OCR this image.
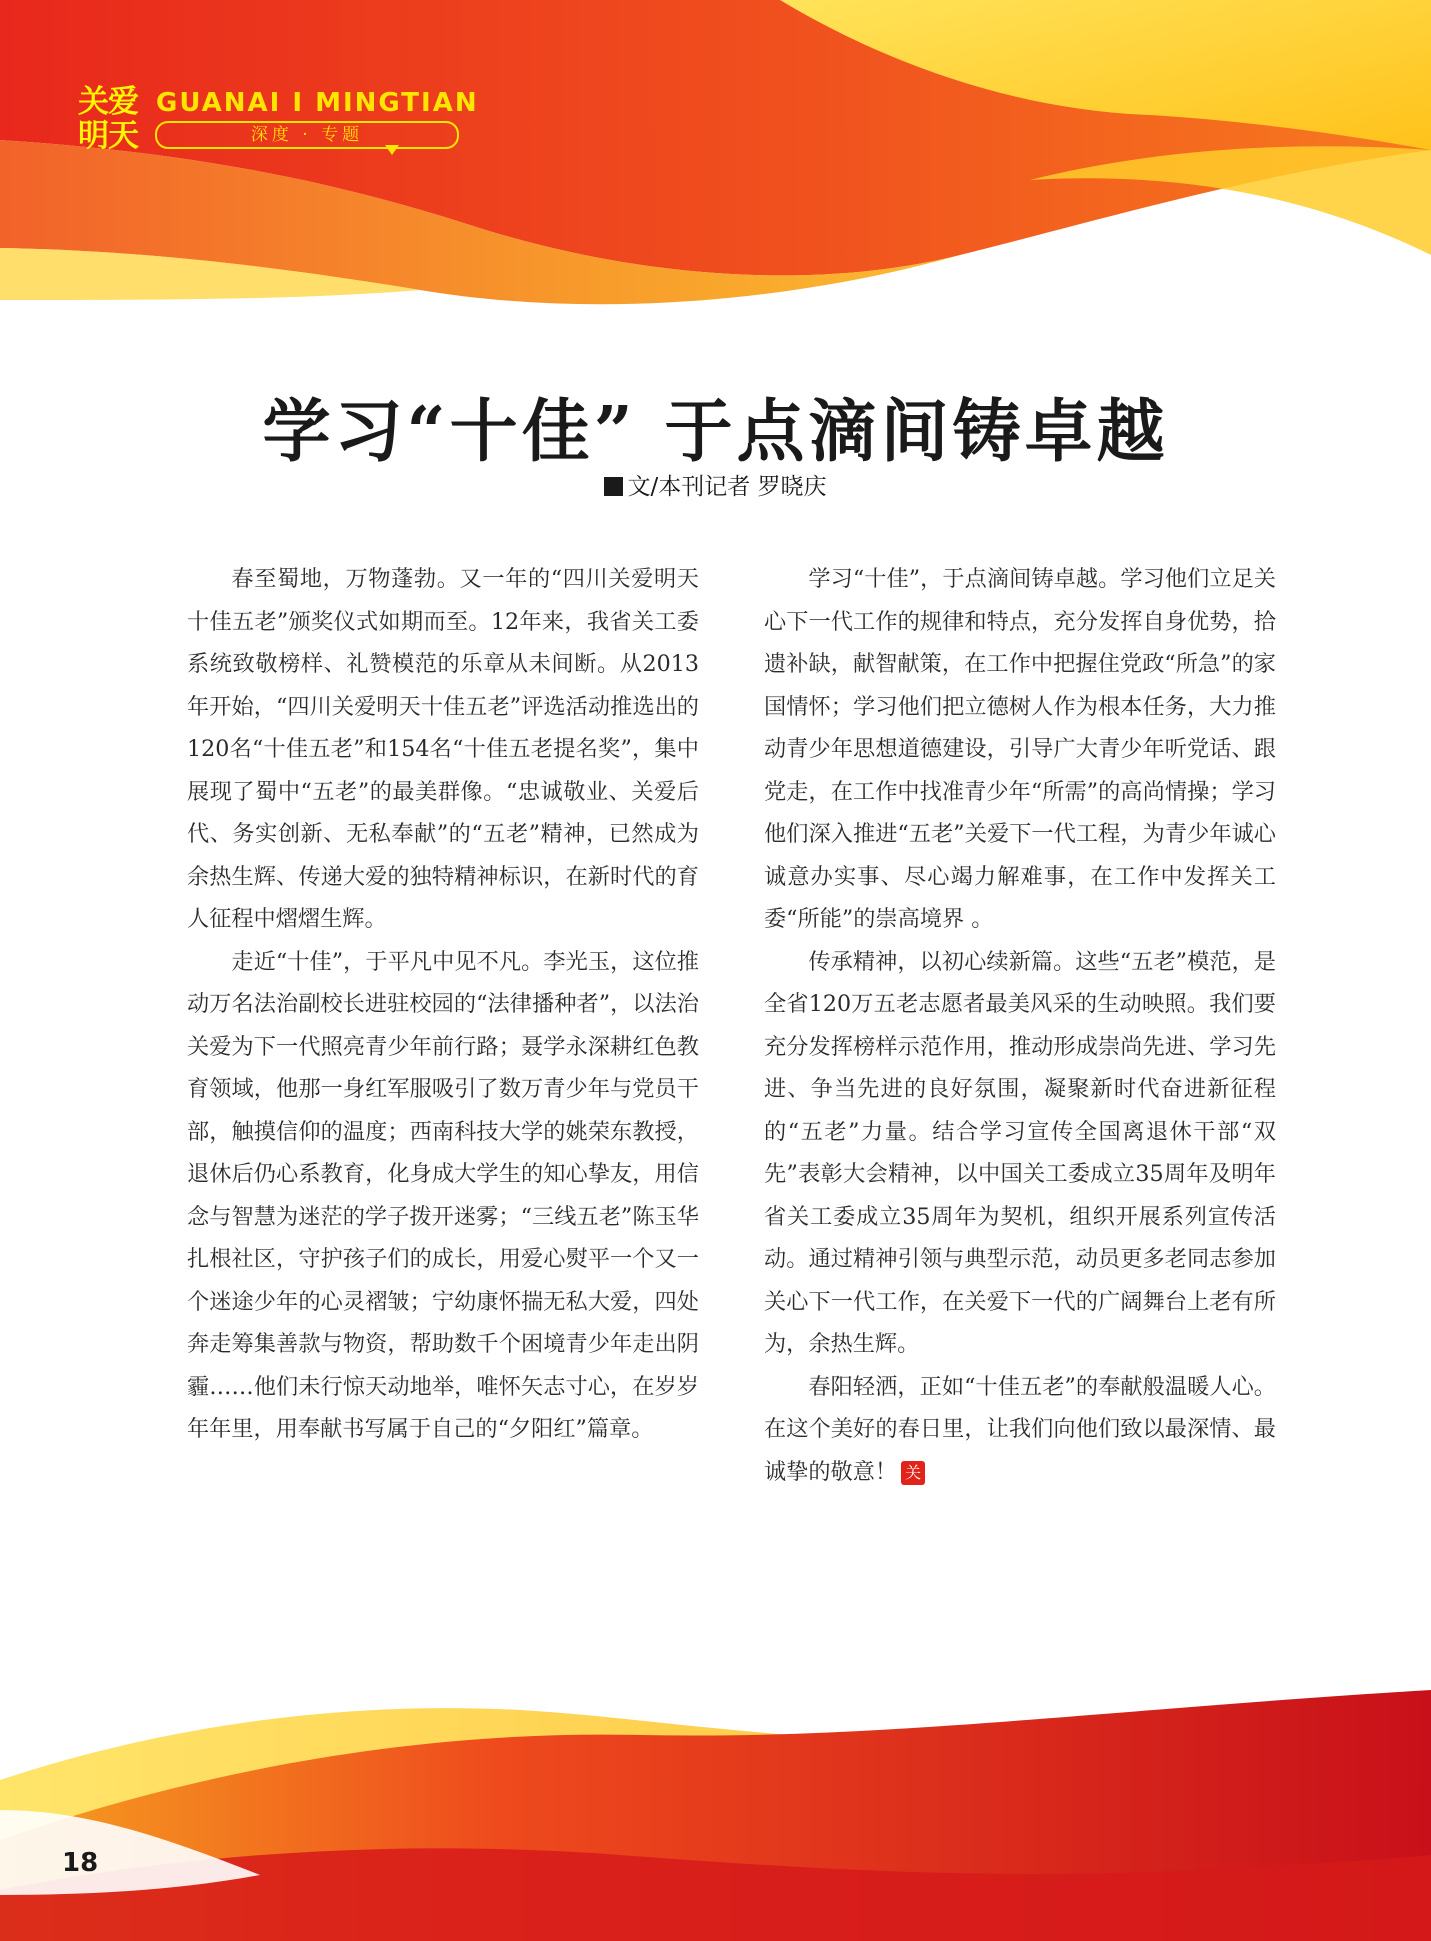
关爱明天
GUANAI I MINGTIAN
深度 · 专题
学习“十佳” 于点滴间铸卓越
文/本刊记者 罗晓庆

春至蜀地，万物蓬勃。又一年的“四川关爱明天十佳五老”颁奖仪式如期而至。12年来，我省关工委系统致敬榜样、礼赞模范的乐章从未间断。从2013年开始，“四川关爱明天十佳五老”评选活动推选出的120名“十佳五老”和154名“十佳五老提名奖”，集中展现了蜀中“五老”的最美群像。“忠诚敬业、关爱后代、务实创新、无私奉献”的“五老”精神，已然成为余热生辉、传递大爱的独特精神标识，在新时代的育人征程中熠熠生辉。

走近“十佳”，于平凡中见不凡。李光玉，这位推动万名法治副校长进驻校园的“法律播种者”，以法治关爱为下一代照亮青少年前行路；聂学永深耕红色教育领域，他那一身红军服吸引了数万青少年与党员干部，触摸信仰的温度；西南科技大学的姚荣东教授，退休后仍心系教育，化身成大学生的知心挚友，用信念与智慧为迷茫的学子拨开迷雾；“三线五老”陈玉华扎根社区，守护孩子们的成长，用爱心熨平一个又一个迷途少年的心灵褶皱；宁幼康怀揣无私大爱，四处奔走筹集善款与物资，帮助数千个困境青少年走出阴霾……他们未行惊天动地举，唯怀矢志寸心，在岁岁年年里，用奉献书写属于自己的“夕阳红”篇章。

学习“十佳”，于点滴间铸卓越。学习他们立足关心下一代工作的规律和特点，充分发挥自身优势，拾遗补缺，献智献策，在工作中把握住党政“所急”的家国情怀；学习他们把立德树人作为根本任务，大力推动青少年思想道德建设，引导广大青少年听党话、跟党走，在工作中找准青少年“所需”的高尚情操；学习他们深入推进“五老”关爱下一代工程，为青少年诚心诚意办实事、尽心竭力解难事，在工作中发挥关工委“所能”的崇高境界 。

传承精神，以初心续新篇。这些“五老”模范，是全省120万五老志愿者最美风采的生动映照。我们要充分发挥榜样示范作用，推动形成崇尚先进、学习先进、争当先进的良好氛围，凝聚新时代奋进新征程的“五老”力量。结合学习宣传全国离退休干部“双先”表彰大会精神，以中国关工委成立35周年及明年省关工委成立35周年为契机，组织开展系列宣传活动。通过精神引领与典型示范，动员更多老同志参加关心下一代工作，在关爱下一代的广阔舞台上老有所为，余热生辉。

春阳轻洒，正如“十佳五老”的奉献般温暖人心。在这个美好的春日里，让我们向他们致以最深情、最诚挚的敬意！ 关

18
